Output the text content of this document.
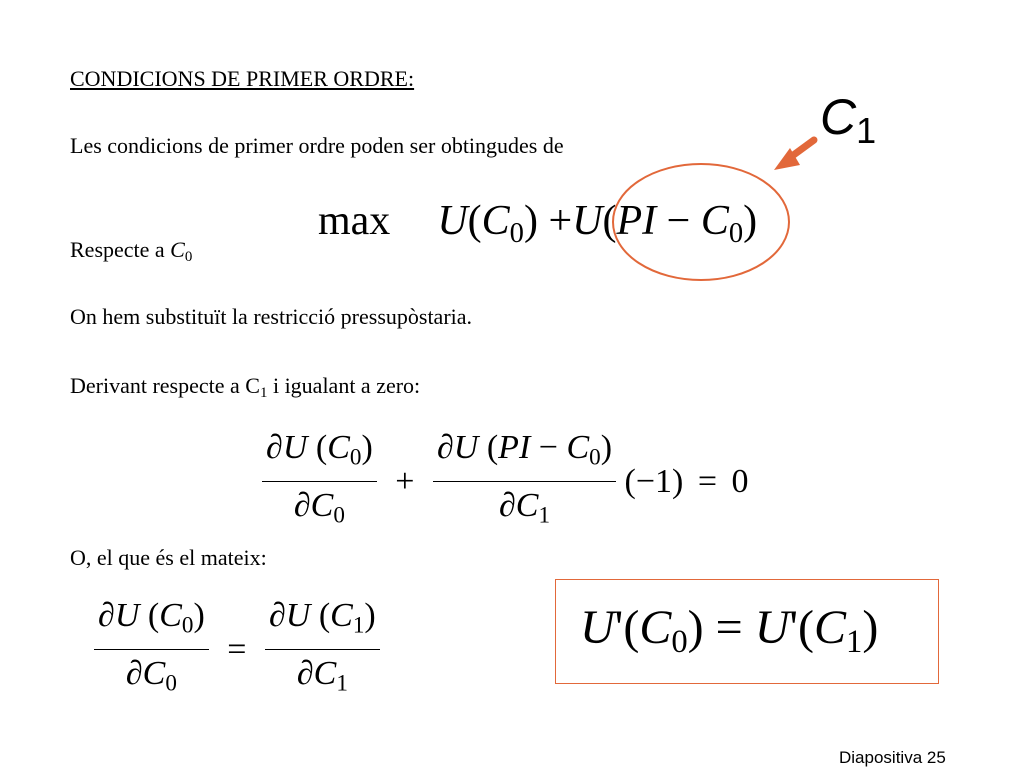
CONDICIONS DE PRIMER ORDRE:
Les condicions de primer ordre poden ser obtingudes de
C1
$\max U(C_0) +U(PI - C_0)$
Respecte a $C_0$
On hem substituït la restricció pressupòstaria.
Derivant respecte a $C_1$ i igualant a zero:
$\frac{\partial U (C_0)}{\partial C_0} + \frac{\partial U (PI - C_0)}{\partial C_1} (-1) = 0$
O, el que és el mateix:
$\frac{\partial U (C_0)}{\partial C_0} = \frac{\partial U (C_1)}{\partial C_1}$	$U'(C_0) = U'(C_1)$
Diapositiva 25
